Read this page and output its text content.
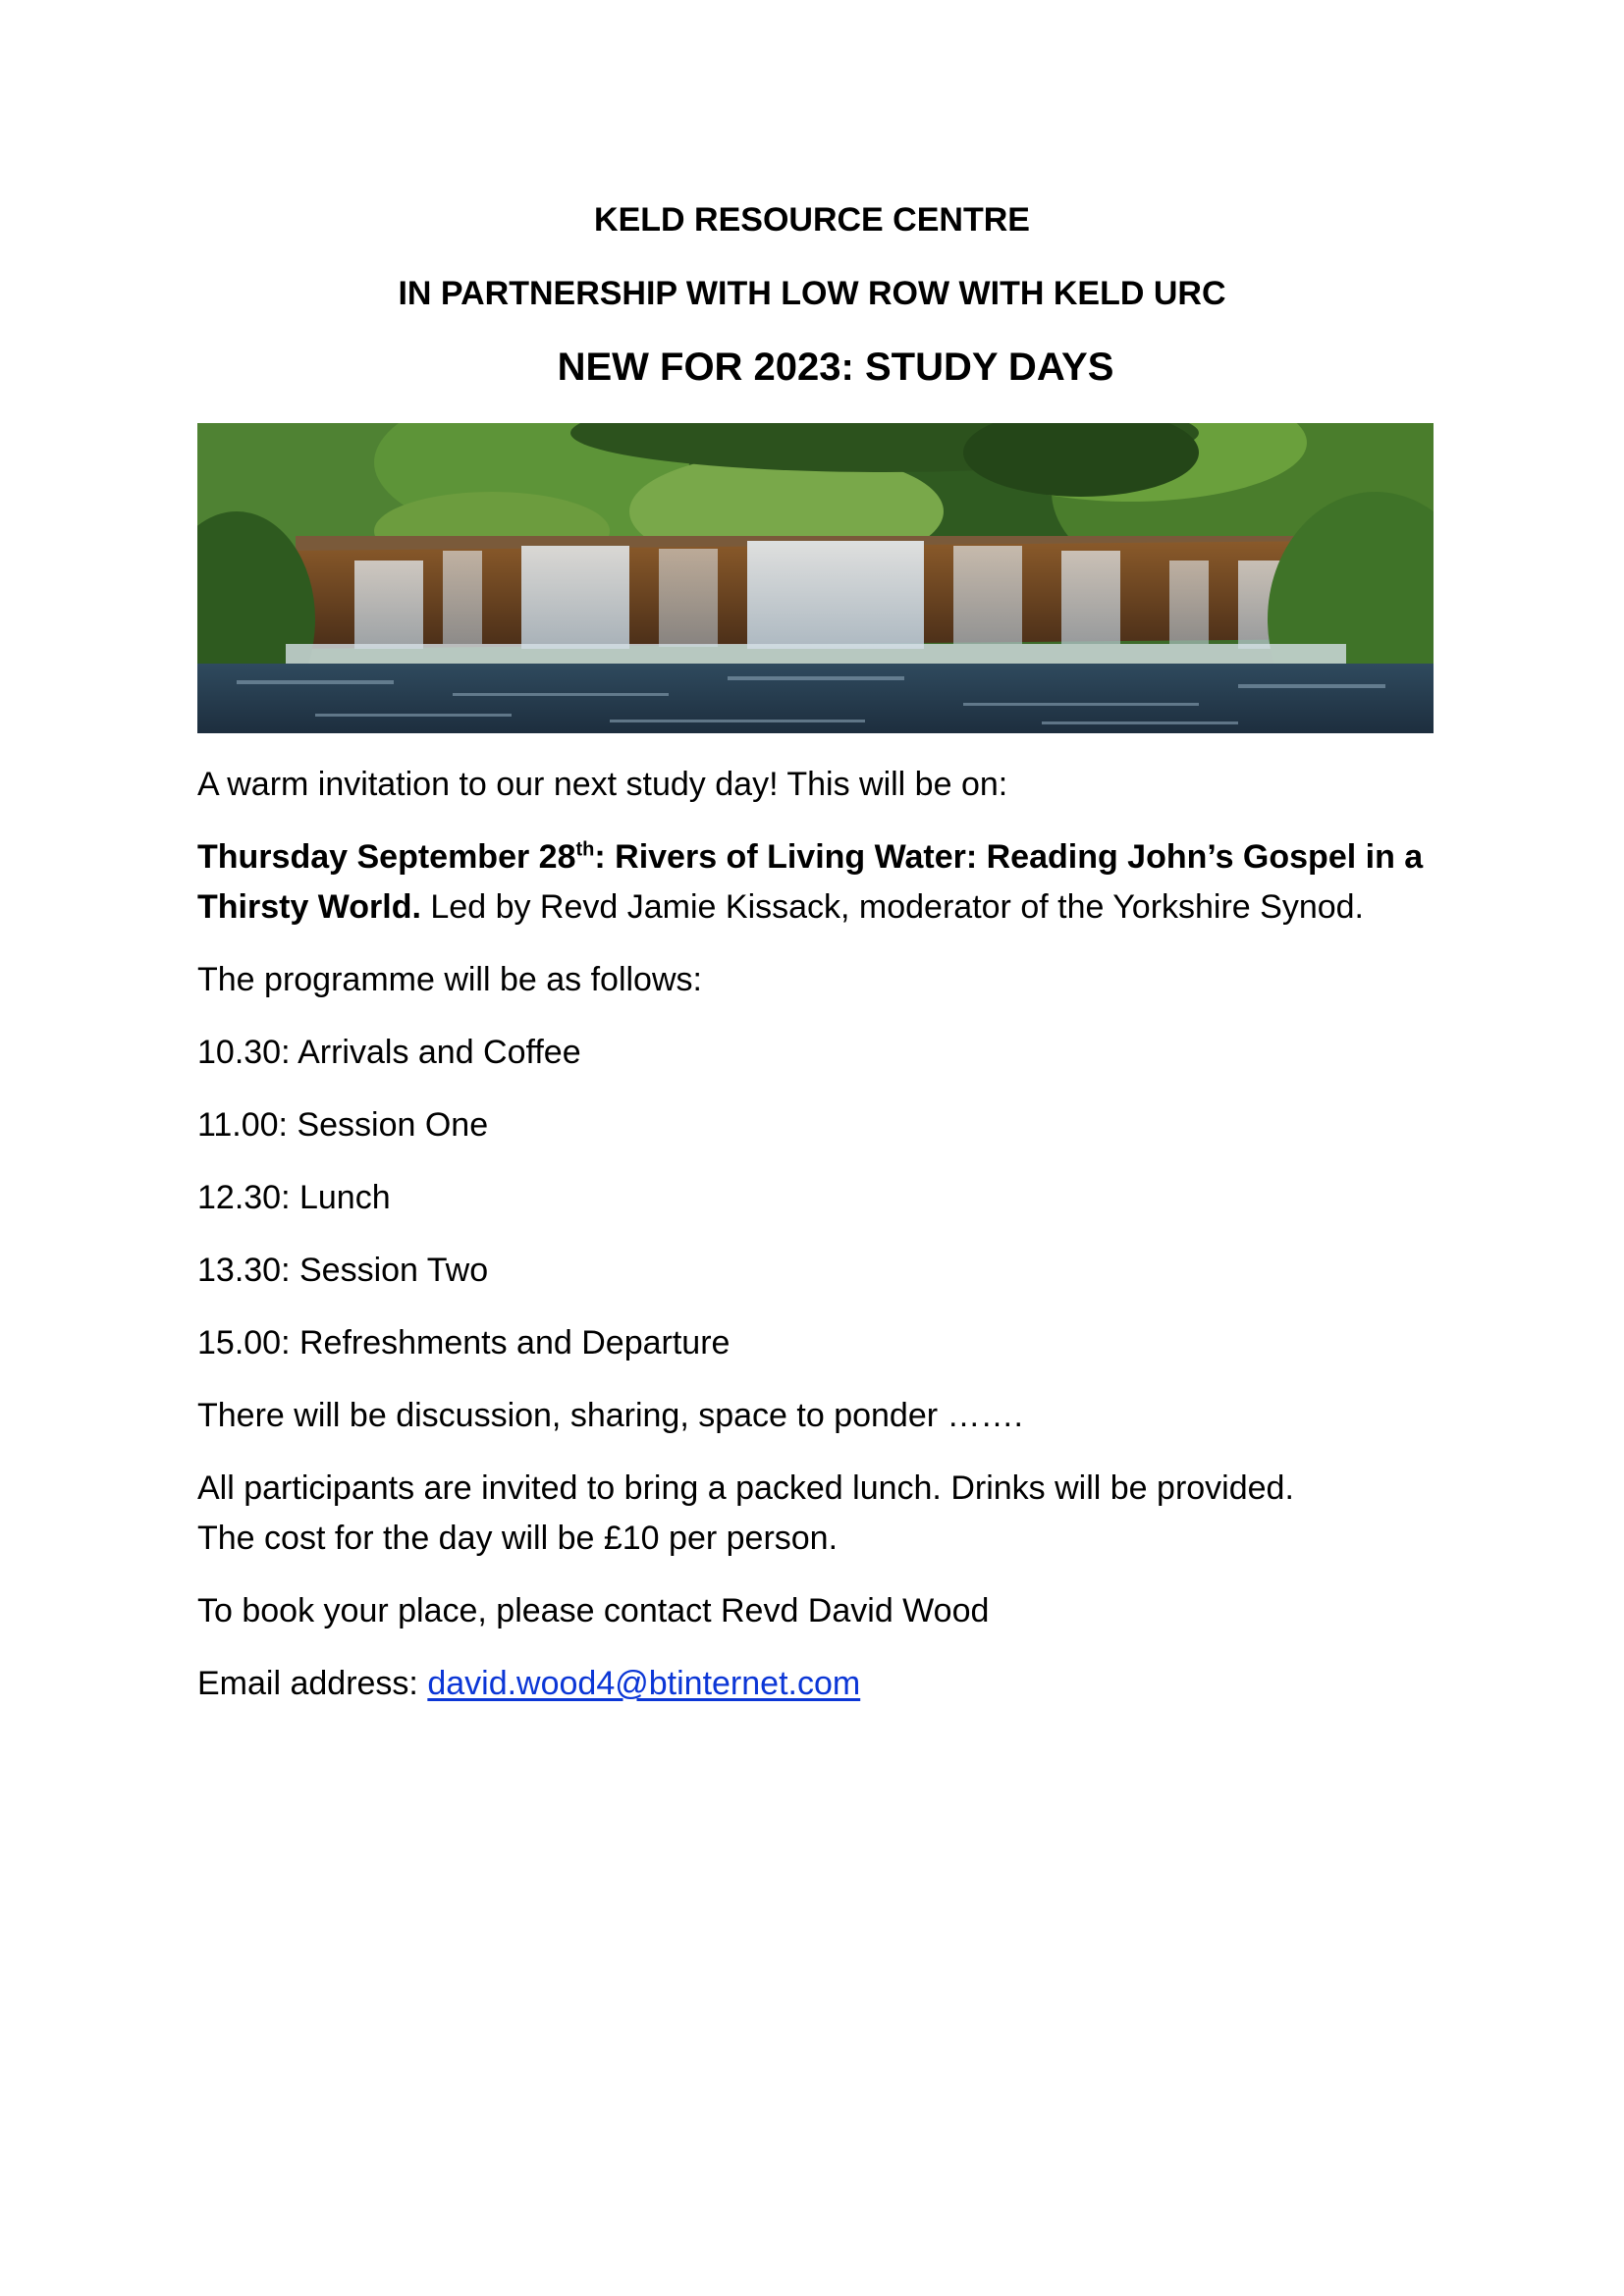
KELD RESOURCE CENTRE
IN PARTNERSHIP WITH LOW ROW WITH KELD URC
NEW FOR 2023: STUDY DAYS
A warm invitation to our next study day! This will be on:
Thursday September 28th: Rivers of Living Water: Reading John’s Gospel in a
Thirsty World. Led by Revd Jamie Kissack, moderator of the Yorkshire Synod.
The programme will be as follows:
10.30: Arrivals and Coffee
11.00: Session One
12.30: Lunch
13.30: Session Two
15.00: Refreshments and Departure
There will be discussion, sharing, space to ponder …….
All participants are invited to bring a packed lunch. Drinks will be provided.
The cost for the day will be £10 per person.
To book your place, please contact Revd David Wood
Email address: david.wood4@btinternet.com
